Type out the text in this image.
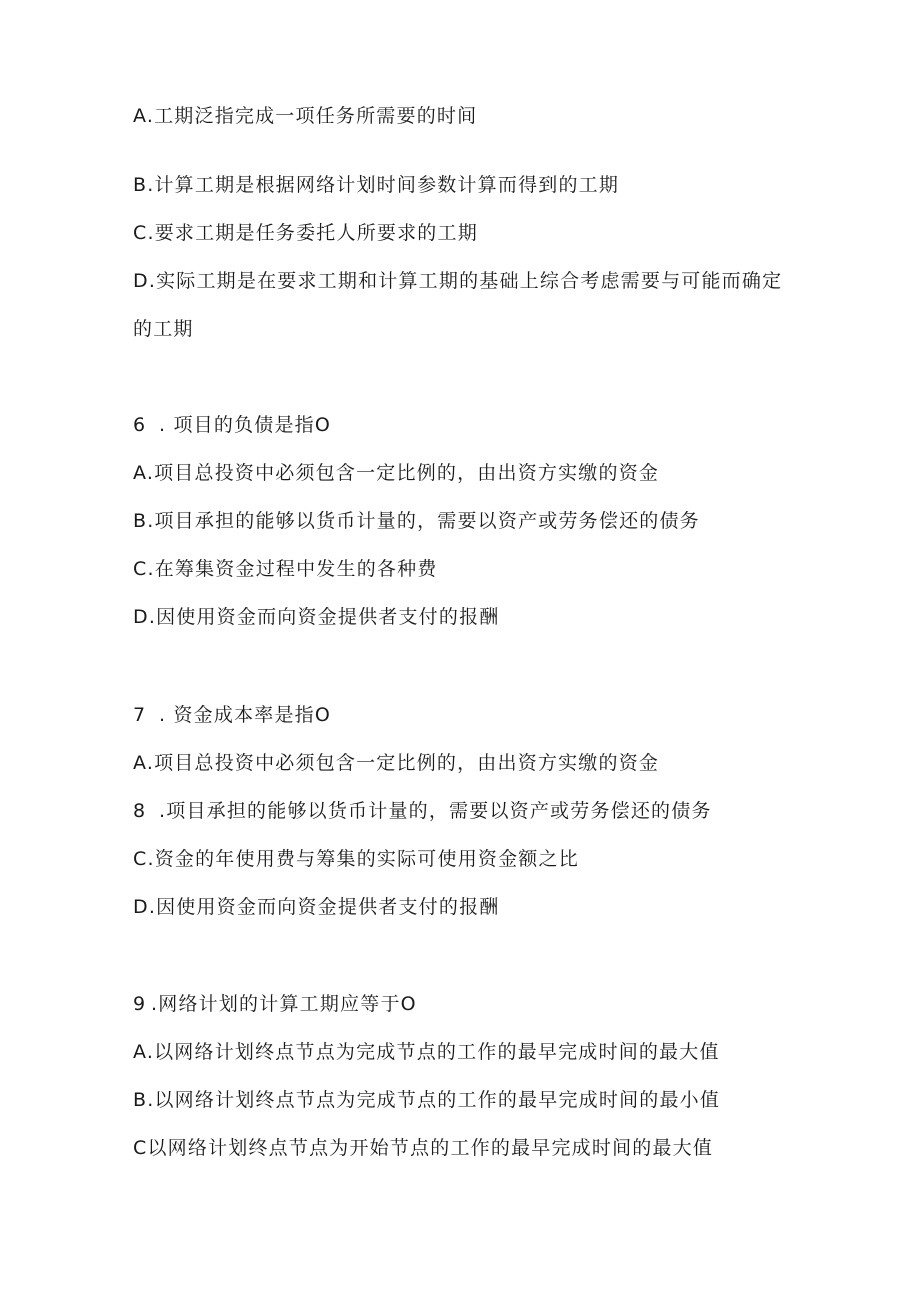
A.工期泛指完成一项任务所需要的时间
B.计算工期是根据网络计划时间参数计算而得到的工期
C.要求工期是任务委托人所要求的工期
D.实际工期是在要求工期和计算工期的基础上综合考虑需要与可能而确定
的工期
6 . 项目的负债是指O
A.项目总投资中必须包含一定比例的，由出资方实缴的资金
B.项目承担的能够以货币计量的，需要以资产或劳务偿还的债务
C.在筹集资金过程中发生的各种费
D.因使用资金而向资金提供者支付的报酬
7 . 资金成本率是指O
A.项目总投资中必须包含一定比例的，由出资方实缴的资金
8 .项目承担的能够以货币计量的，需要以资产或劳务偿还的债务
C.资金的年使用费与筹集的实际可使用资金额之比
D.因使用资金而向资金提供者支付的报酬
9 .网络计划的计算工期应等于O
A.以网络计划终点节点为完成节点的工作的最早完成时间的最大值
B.以网络计划终点节点为完成节点的工作的最早完成时间的最小值
C以网络计划终点节点为开始节点的工作的最早完成时间的最大值
